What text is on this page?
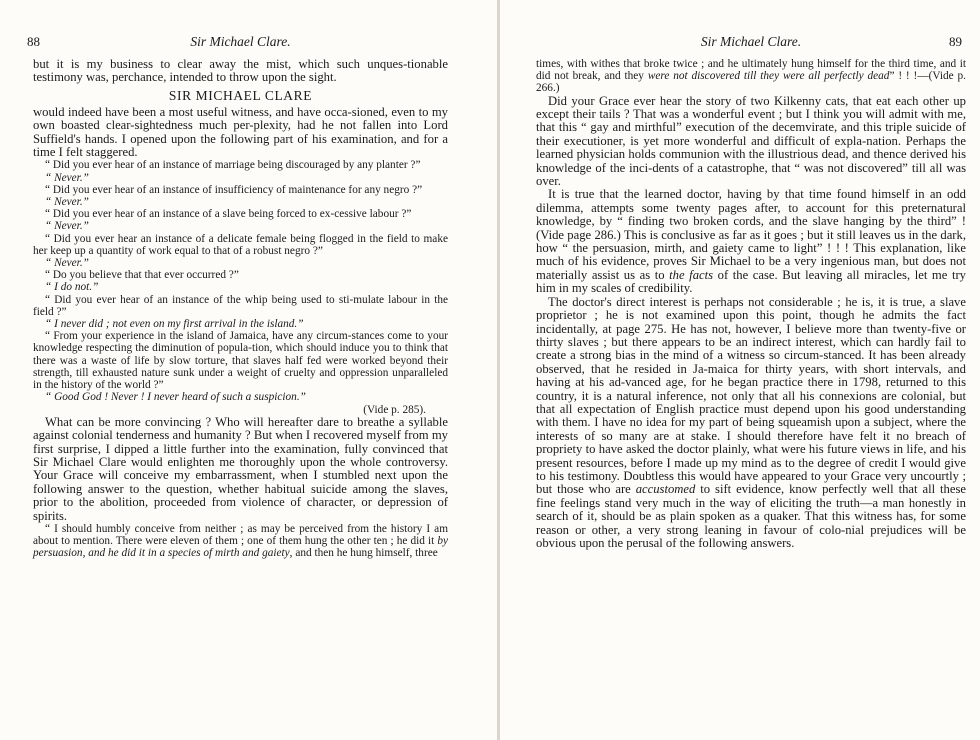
88	Sir Michael Clare.

but it is my business to clear away the mist, which such unques-tionable testimony was, perchance, intended to throw upon the sight.

SIR MICHAEL CLARE

would indeed have been a most useful witness, and have occa-sioned, even to my own boasted clear-sightedness much per-plexity, had he not fallen into Lord Suffield's hands. I opened upon the following part of his examination, and for a time I felt staggered.

“ Did you ever hear of an instance of marriage being discouraged by any planter ?”

“ Never.”

“ Did you ever hear of an instance of insufficiency of maintenance for any negro ?”

“ Never.”

“ Did you ever hear of an instance of a slave being forced to ex-cessive labour ?”

“ Never.”

“ Did you ever hear an instance of a delicate female being flogged in the field to make her keep up a quantity of work equal to that of a robust negro ?”

“ Never.”

“ Do you believe that that ever occurred ?”

“ I do not.”

“ Did you ever hear of an instance of the whip being used to sti-mulate labour in the field ?”

“ I never did ; not even on my first arrival in the island.”

“ From your experience in the island of Jamaica, have any circum-stances come to your knowledge respecting the diminution of popula-tion, which should induce you to think that there was a waste of life by slow torture, that slaves half fed were worked beyond their strength, till exhausted nature sunk under a weight of cruelty and oppression unparalleled in the history of the world ?”

“ Good God ! Never ! I never heard of such a suspicion.”

(Vide p. 285).

What can be more convincing ? Who will hereafter dare to breathe a syllable against colonial tenderness and humanity ? But when I recovered myself from my first surprise, I dipped a little further into the examination, fully convinced that Sir Michael Clare would enlighten me thoroughly upon the whole controversy. Your Grace will conceive my embarrassment, when I stumbled next upon the following answer to the question, whether habitual suicide among the slaves, prior to the abolition, proceeded from violence of character, or depression of spirits.

“ I should humbly conceive from neither ; as may be perceived from the history I am about to mention. There were eleven of them ; one of them hung the other ten ; he did it by persuasion, and he did it in a species of mirth and gaiety, and then he hung himself, three

Sir Michael Clare.	89

times, with withes that broke twice ; and he ultimately hung himself for the third time, and it did not break, and they were not discovered till they were all perfectly dead” ! ! !—(Vide p. 266.)

Did your Grace ever hear the story of two Kilkenny cats, that eat each other up except their tails ? That was a wonderful event ; but I think you will admit with me, that this “ gay and mirthful” execution of the decemvirate, and this triple suicide of their executioner, is yet more wonderful and difficult of expla-nation. Perhaps the learned physician holds communion with the illustrious dead, and thence derived his knowledge of the inci-dents of a catastrophe, that “ was not discovered” till all was over.

It is true that the learned doctor, having by that time found himself in an odd dilemma, attempts some twenty pages after, to account for this preternatural knowledge, by “ finding two broken cords, and the slave hanging by the third” ! (Vide page 286.) This is conclusive as far as it goes ; but it still leaves us in the dark, how “ the persuasion, mirth, and gaiety came to light” ! ! ! This explanation, like much of his evidence, proves Sir Michael to be a very ingenious man, but does not materially assist us as to the facts of the case. But leaving all miracles, let me try him in my scales of credibility.

The doctor's direct interest is perhaps not considerable ; he is, it is true, a slave proprietor ; he is not examined upon this point, though he admits the fact incidentally, at page 275. He has not, however, I believe more than twenty-five or thirty slaves ; but there appears to be an indirect interest, which can hardly fail to create a strong bias in the mind of a witness so circum-stanced. It has been already observed, that he resided in Ja-maica for thirty years, with short intervals, and having at his ad-vanced age, for he began practice there in 1798, returned to this country, it is a natural inference, not only that all his connexions are colonial, but that all expectation of English practice must depend upon his good understanding with them. I have no idea for my part of being squeamish upon a subject, where the interests of so many are at stake. I should therefore have felt it no breach of propriety to have asked the doctor plainly, what were his future views in life, and his present resources, before I made up my mind as to the degree of credit I would give to his testimony. Doubtless this would have appeared to your Grace very uncourtly ; but those who are accustomed to sift evidence, know perfectly well that all these fine feelings stand very much in the way of eliciting the truth—a man honestly in search of it, should be as plain spoken as a quaker. That this witness has, for some reason or other, a very strong leaning in favour of colo-nial prejudices will be obvious upon the perusal of the following answers.
